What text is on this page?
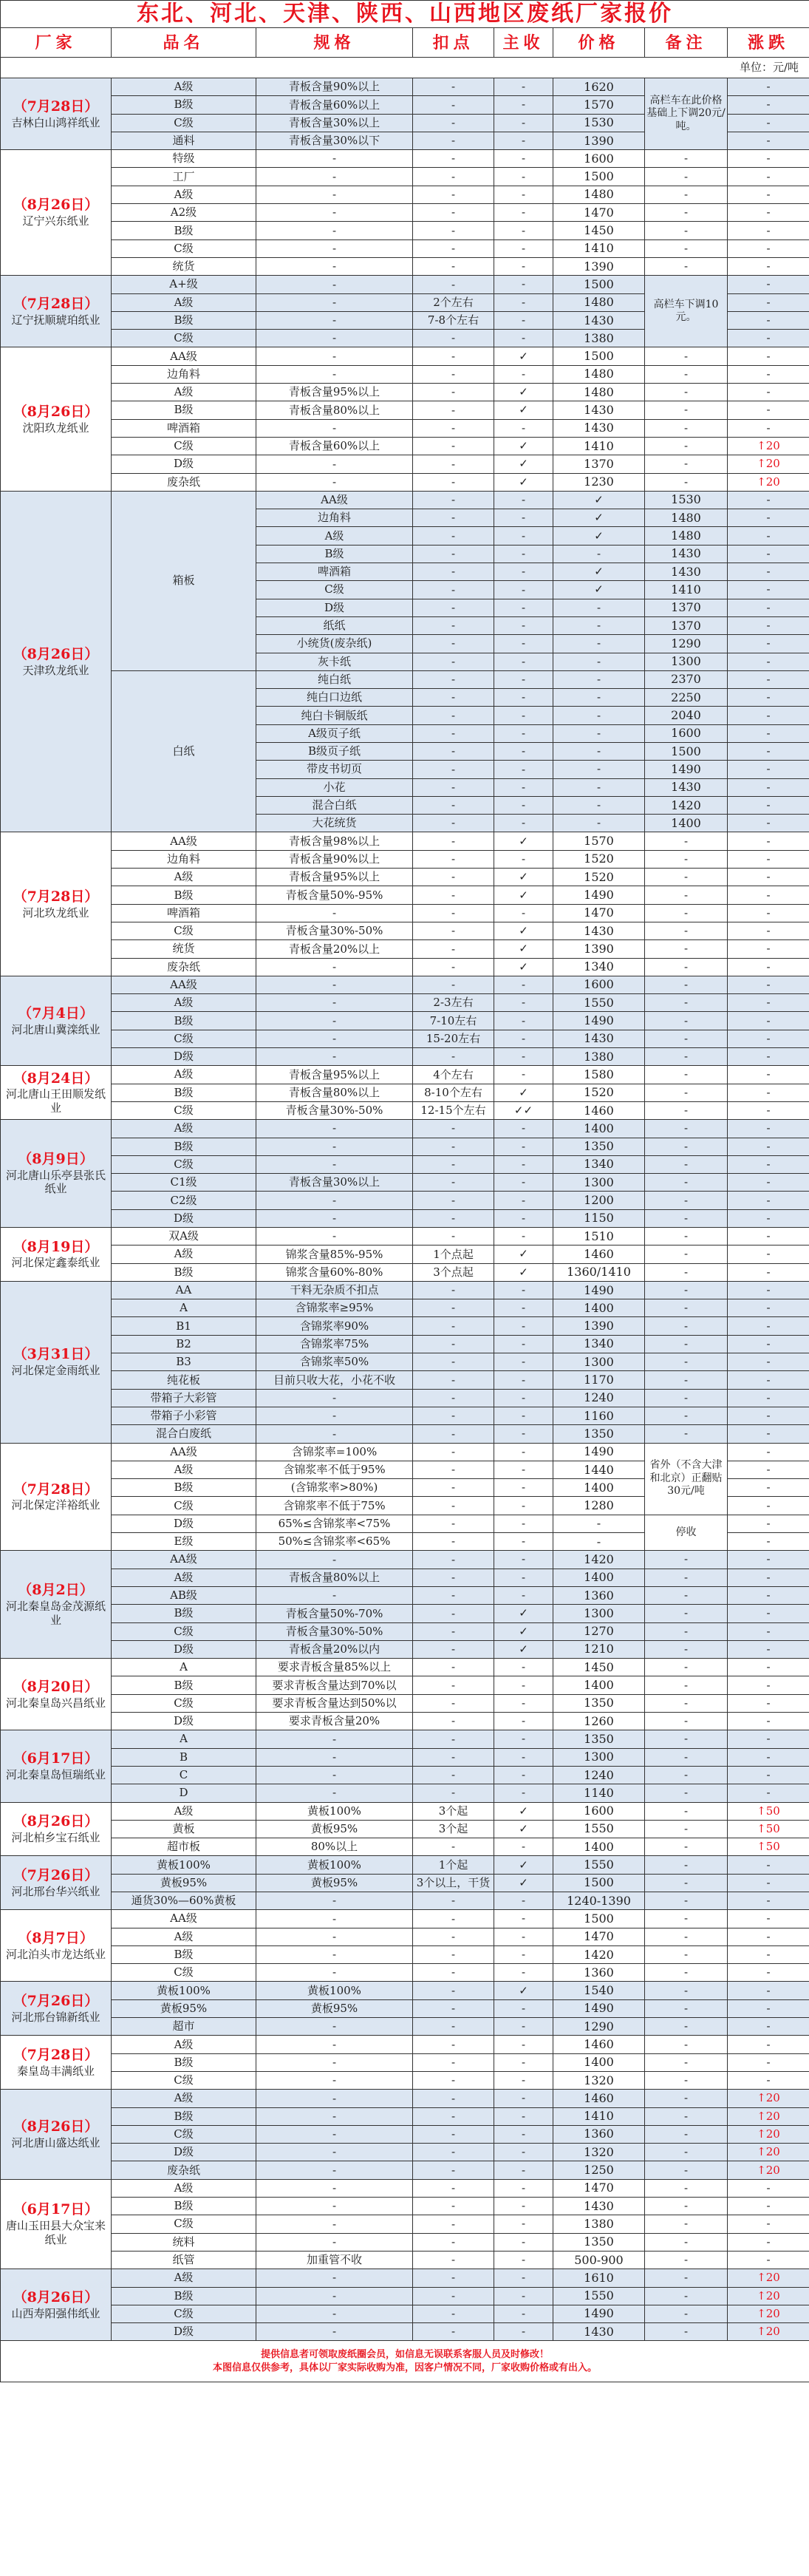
东北、河北、天津、陕西、山西地区废纸厂家报价								
厂家	品名	规格	扣点	主收	价格	备注	涨跌	
单位：元/吨								

（7月28日）
吉林白山鸿祥纸业	A级	青板含量90%以上	-	-	1620	高栏车在此价格基础上下调20元/吨。	-	
	B级	青板含量60%以上	-	-	1570		-	
	C级	青板含量30%以上	-	-	1530		-	
	通料	青板含量30%以下	-	-	1390		-	

（8月26日）
辽宁兴东纸业	特级	-	-	-	1600	-	-	
	工厂	-	-	-	1500	-	-	
	A级	-	-	-	1480	-	-	
	A2级	-	-	-	1470	-	-	
	B级	-	-	-	1450	-	-	
	C级	-	-	-	1410	-	-	
	统货	-	-	-	1390	-	-	

（7月28日）
辽宁抚顺琥珀纸业	A+级	-	-	-	1500	高栏车下调10元。	-	
	A级	-	2个左右	-	1480		-	
	B级	-	7-8个左右	-	1430		-	
	C级	-	-	-	1380		-	

（8月26日）
沈阳玖龙纸业	AA级	-	-	✓	1500	-	-	
	边角料	-	-	-	1480	-	-	
	A级	青板含量95%以上	-	✓	1480	-	-	
	B级	青板含量80%以上	-	✓	1430	-	-	
	啤酒箱	-	-	-	1430	-	-	
	C级	青板含量60%以上	-	✓	1410	-	↑20	
	D级	-	-	✓	1370	-	↑20	
	废杂纸	-	-	✓	1230	-	↑20	

（8月26日）
天津玖龙纸业	箱板	AA级	-	-	✓	1530	-	
		边角料	-	-	✓	1480	-	
		A级	-	-	✓	1480	-	
		B级	-	-	-	1430	-	
		啤酒箱	-	-	✓	1430	-	
		C级	-	-	✓	1410	-	
		D级	-	-	-	1370	-	
		纸纸	-	-	-	1370	-	
		小统货(废杂纸)	-	-	-	1290	-	
		灰卡纸	-	-	-	1300	-	
	白纸	纯白纸	-	-	-	2370	-	
		纯白口边纸	-	-	-	2250	-	
		纯白卡铜版纸	-	-	-	2040	-	
		A级页子纸	-	-	-	1600	-	
		B级页子纸	-	-	-	1500	-	
		带皮书切页	-	-	-	1490	-	
		小花	-	-	-	1430	-	
		混合白纸	-	-	-	1420	-	
		大花统货	-	-	-	1400	-	

（7月28日）
河北玖龙纸业	AA级	青板含量98%以上	-	✓	1570	-	-	
	边角料	青板含量90%以上	-	-	1520	-	-	
	A级	青板含量95%以上	-	✓	1520	-	-	
	B级	青板含量50%-95%	-	✓	1490	-	-	
	啤酒箱	-	-	-	1470	-	-	
	C级	青板含量30%-50%	-	✓	1430	-	-	
	统货	青板含量20%以上	-	✓	1390	-	-	
	废杂纸	-	-	✓	1340	-	-	

（7月4日）
河北唐山冀滦纸业	AA级	-	-	-	1600	-	-	
	A级	-	2-3左右	-	1550	-	-	
	B级	-	7-10左右	-	1490	-	-	
	C级	-	15-20左右	-	1430	-	-	
	D级	-	-	-	1380	-	-	

（8月24日）
河北唐山王田顺发纸业	A级	青板含量95%以上	4个左右	-	1580	-	-	
	B级	青板含量80%以上	8-10个左右	✓	1520	-	-	
	C级	青板含量30%-50%	12-15个左右	✓✓	1460	-	-	

（8月9日）
河北唐山乐亭县张氏纸业	A级	-	-	-	1400	-	-	
	B级	-	-	-	1350	-	-	
	C级	-	-	-	1340	-	-	
	C1级	青板含量30%以上	-	-	1300	-	-	
	C2级	-	-	-	1200	-	-	
	D级	-	-	-	1150	-	-	

（8月19日）
河北保定鑫泰纸业	双A级	-	-	-	1510	-	-	
	A级	锦浆含量85%-95%	1个点起	✓	1460	-	-	
	B级	锦浆含量60%-80%	3个点起	✓	1360/1410	-	-	

（3月31日）
河北保定金雨纸业	AA	干料无杂质不扣点	-	-	1490	-	-	
	A	含锦浆率≥95%	-	-	1400	-	-	
	B1	含锦浆率90%	-	-	1390	-	-	
	B2	含锦浆率75%	-	-	1340	-	-	
	B3	含锦浆率50%	-	-	1300	-	-	
	纯花板	目前只收大花，小花不收	-	-	1170	-	-	
	带箱子大彩管	-	-	-	1240	-	-	
	带箱子小彩管	-	-	-	1160	-	-	
	混合白废纸	-	-	-	1350	-	-	

（7月28日）
河北保定洋裕纸业	AA级	含锦浆率=100%	-	-	1490	省外（不含大津和北京）正翻贴30元/吨	-	
	A级	含锦浆率不低于95%	-	-	1440		-	
	B级	(含锦浆率>80%)	-	-	1400		-	
	C级	含锦浆率不低于75%	-	-	1280		-	
	D级	65%≤含锦浆率<75%	-	-	-	停收	-	
	E级	50%≤含锦浆率<65%	-	-	-		-	

（8月2日）
河北秦皇岛金茂源纸业	AA级	-	-	-	1420	-	-	
	A级	青板含量80%以上	-	-	1400	-	-	
	AB级	-	-	-	1360	-	-	
	B级	青板含量50%-70%	-	✓	1300	-	-	
	C级	青板含量30%-50%	-	✓	1270	-	-	
	D级	青板含量20%以内	-	✓	1210	-	-	

（8月20日）
河北秦皇岛兴昌纸业	A	要求青板含量85%以上	-	-	1450	-	-	
	B级	要求青板含量达到70%以	-	-	1400	-	-	
	C级	要求青板含量达到50%以	-	-	1350	-	-	
	D级	要求青板含量20%	-	-	1260	-	-	

（6月17日）
河北秦皇岛恒瑞纸业	A	-	-	-	1350	-	-	
	B	-	-	-	1300	-	-	
	C	-	-	-	1240	-	-	
	D	-	-	-	1140	-	-	

（8月26日）
河北柏乡宝石纸业	A级	黄板100%	3个起	✓	1600	-	↑50	
	黄板	黄板95%	3个起	✓	1550	-	↑50	
	超市板	80%以上	-	-	1400	-	↑50	

（7月26日）
河北邢台华兴纸业	黄板100%	黄板100%	1个起	✓	1550	-	-	
	黄板95%	黄板95%	3个以上，干货	✓	1500	-	-	
	通货30%—60%黄板	-	-	-	1240-1390	-	-	

（8月7日）
河北泊头市龙达纸业	AA级	-	-	-	1500	-	-	
	A级	-	-	-	1470	-	-	
	B级	-	-	-	1420	-	-	
	C级	-	-	-	1360	-	-	

（7月26日）
河北邢台锦新纸业	黄板100%	黄板100%	-	✓	1540	-	-	
	黄板95%	黄板95%	-	-	1490	-	-	
	超市	-	-	-	1290	-	-	

（7月28日）
秦皇岛丰满纸业	A级	-	-	-	1460	-	-	
	B级	-	-	-	1400	-	-	
	C级	-	-	-	1320	-	-	

（8月26日）
河北唐山盛达纸业	A级	-	-	-	1460	-	↑20	
	B级	-	-	-	1410	-	↑20	
	C级	-	-	-	1360	-	↑20	
	D级	-	-	-	1320	-	↑20	
	废杂纸	-	-	-	1250	-	↑20	

（6月17日）
唐山玉田县大众宝来纸业	A级	-	-	-	1470	-	-	
	B级	-	-	-	1430	-	-	
	C级	-	-	-	1380	-	-	
	统料	-	-	-	1350	-	-	
	纸管	加重管不收	-	-	500-900	-	-	

（8月26日）
山西寿阳强伟纸业	A级	-	-	-	1610	-	↑20	
	B级	-	-	-	1550	-	↑20	
	C级	-	-	-	1490	-	↑20	
	D级	-	-	-	1430	-	↑20	

提供信息者可领取废纸圈会员，如信息无误联系客服人员及时修改！
本图信息仅供参考，具体以厂家实际收购为准，因客户情况不同，厂家收购价格或有出入。								
